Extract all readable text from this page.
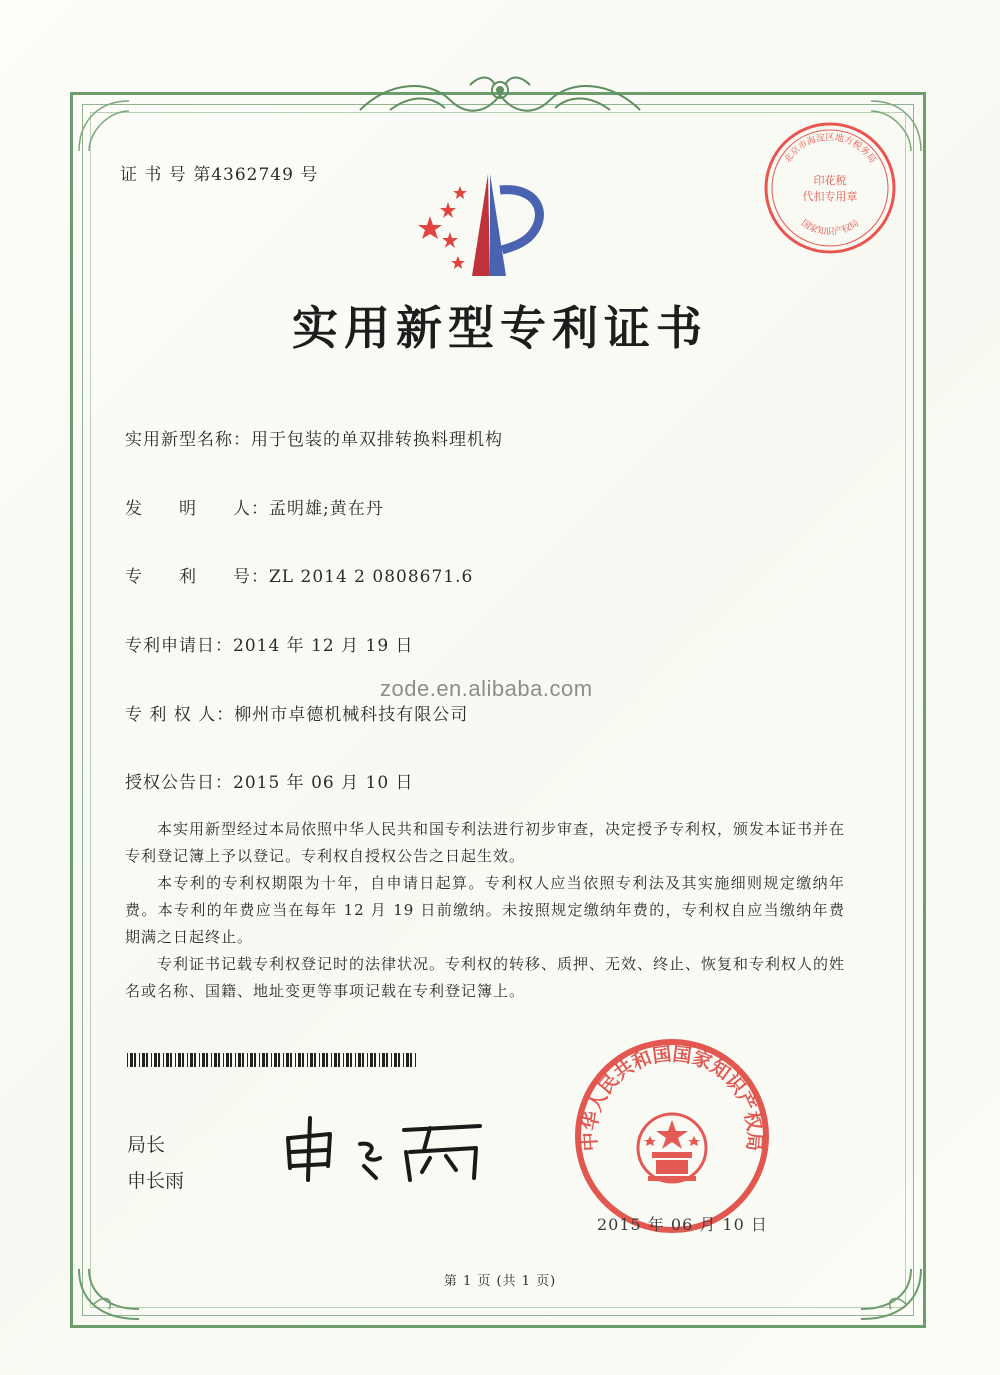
证 书 号 第4362749 号
北京市海淀区地方税务局
国家知识产权局
印花税
代扣专用章
实用新型专利证书
实用新型名称：用于包装的单双排转换料理机构
发　　明　　人：孟明雄;黄在丹
专　　利　　号：ZL 2014 2 0808671.6
专利申请日：2014 年 12 月 19 日
专 利 权 人：柳州市卓德机械科技有限公司
授权公告日：2015 年 06 月 10 日
zode.en.alibaba.com

本实用新型经过本局依照中华人民共和国专利法进行初步审查，决定授予专利权，颁发本证书并在专利登记簿上予以登记。专利权自授权公告之日起生效。

本专利的专利权期限为十年，自申请日起算。专利权人应当依照专利法及其实施细则规定缴纳年费。本专利的年费应当在每年 12 月 19 日前缴纳。未按照规定缴纳年费的，专利权自应当缴纳年费期满之日起终止。

专利证书记载专利权登记时的法律状况。专利权的转移、质押、无效、终止、恢复和专利权人的姓名或名称、国籍、地址变更等事项记载在专利登记簿上。

局长
申长雨
中华人民共和国国家知识产权局
2015 年 06 月 10 日
第 1 页 (共 1 页)
